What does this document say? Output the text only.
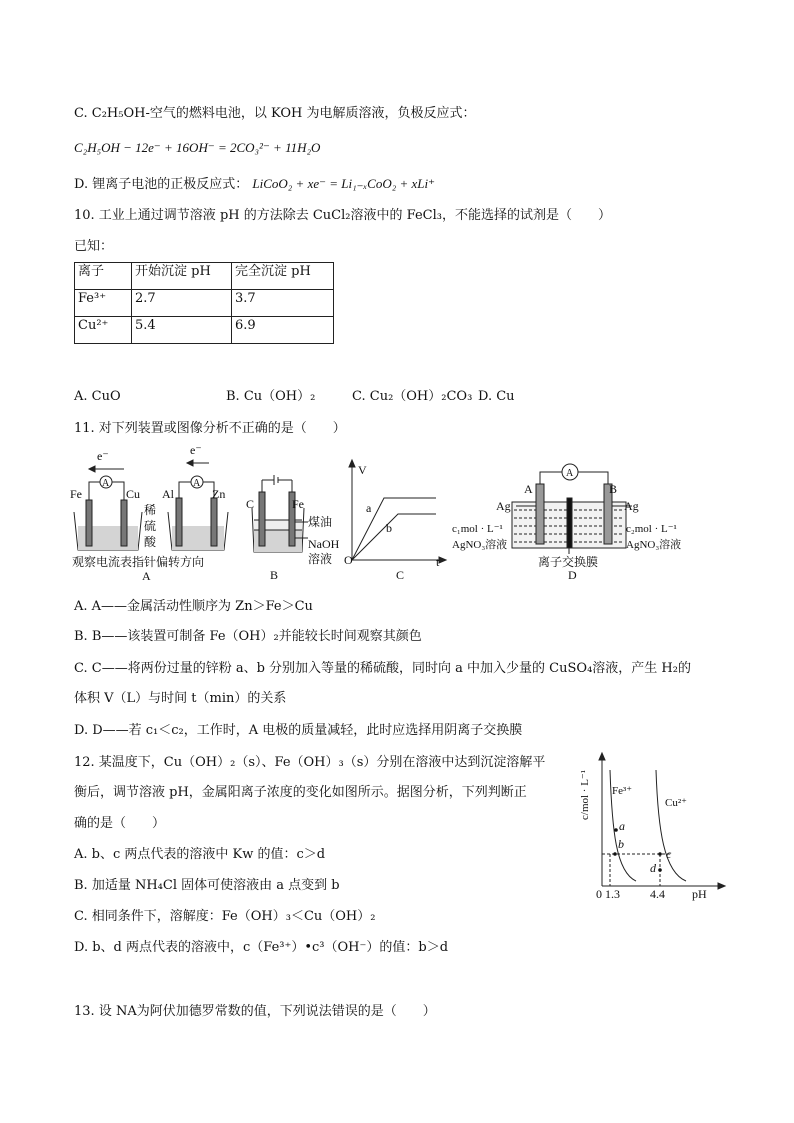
C. C₂H₅OH-空气的燃料电池，以 KOH 为电解质溶液，负极反应式：
C₂H₅OH − 12e⁻ + 16OH⁻ = 2CO₃²⁻ + 11H₂O
D. 锂离子电池的正极反应式： LiCoO₂ + xe⁻ = Li₁₋ₓCoO₂ + xLi⁺
10. 工业上通过调节溶液 pH 的方法除去 CuCl₂溶液中的 FeCl₃，不能选择的试剂是（　　）
已知：
离子	开始沉淀 pH	完全沉淀 pH
Fe³⁺	2.7	3.7
Cu²⁺	5.4	6.9
A. CuO	B. Cu（OH）₂	C. Cu₂（OH）₂CO₃ D. Cu
11. 对下列装置或图像分析不正确的是（　　）
e⁻
A
Fe	Cu
e⁻
A
Al	Zn
稀
硫
酸
观察电流表指针偏转方向
A
C	Fe
煤油
NaOH
溶液
B
V
a
b
O	t
C
A	B
A
Ag	Ag
c₁mol · L⁻¹	c₂mol · L⁻¹
AgNO₃溶液	AgNO₃溶液
离子交换膜
D
A. A——金属活动性顺序为 Zn＞Fe＞Cu
B. B——该装置可制备 Fe（OH）₂并能较长时间观察其颜色
C. C——将两份过量的锌粉 a、b 分别加入等量的稀硫酸，同时向 a 中加入少量的 CuSO₄溶液，产生 H₂的
体积 V（L）与时间 t（min）的关系
D. D——若 c₁＜c₂，工作时，A 电极的质量减轻，此时应选择用阴离子交换膜
12. 某温度下，Cu（OH）₂（s）、Fe（OH）₃（s）分别在溶液中达到沉淀溶解平
衡后，调节溶液 pH，金属阳离子浓度的变化如图所示。据图分析，下列判断正
确的是（　　）
A. b、c 两点代表的溶液中 Kw 的值：c＞d
B. 加适量 NH₄Cl 固体可使溶液由 a 点变到 b
C. 相同条件下，溶解度：Fe（OH）₃＜Cu（OH）₂
D. b、d 两点代表的溶液中，c（Fe³⁺）•c³（OH⁻）的值：b＞d
c/mol · L⁻¹ Fe³⁺
Cu²⁺
a
b
c
d
0 1.3	4.4 pH
13. 设 NA为阿伏加德罗常数的值，下列说法错误的是（　　）
